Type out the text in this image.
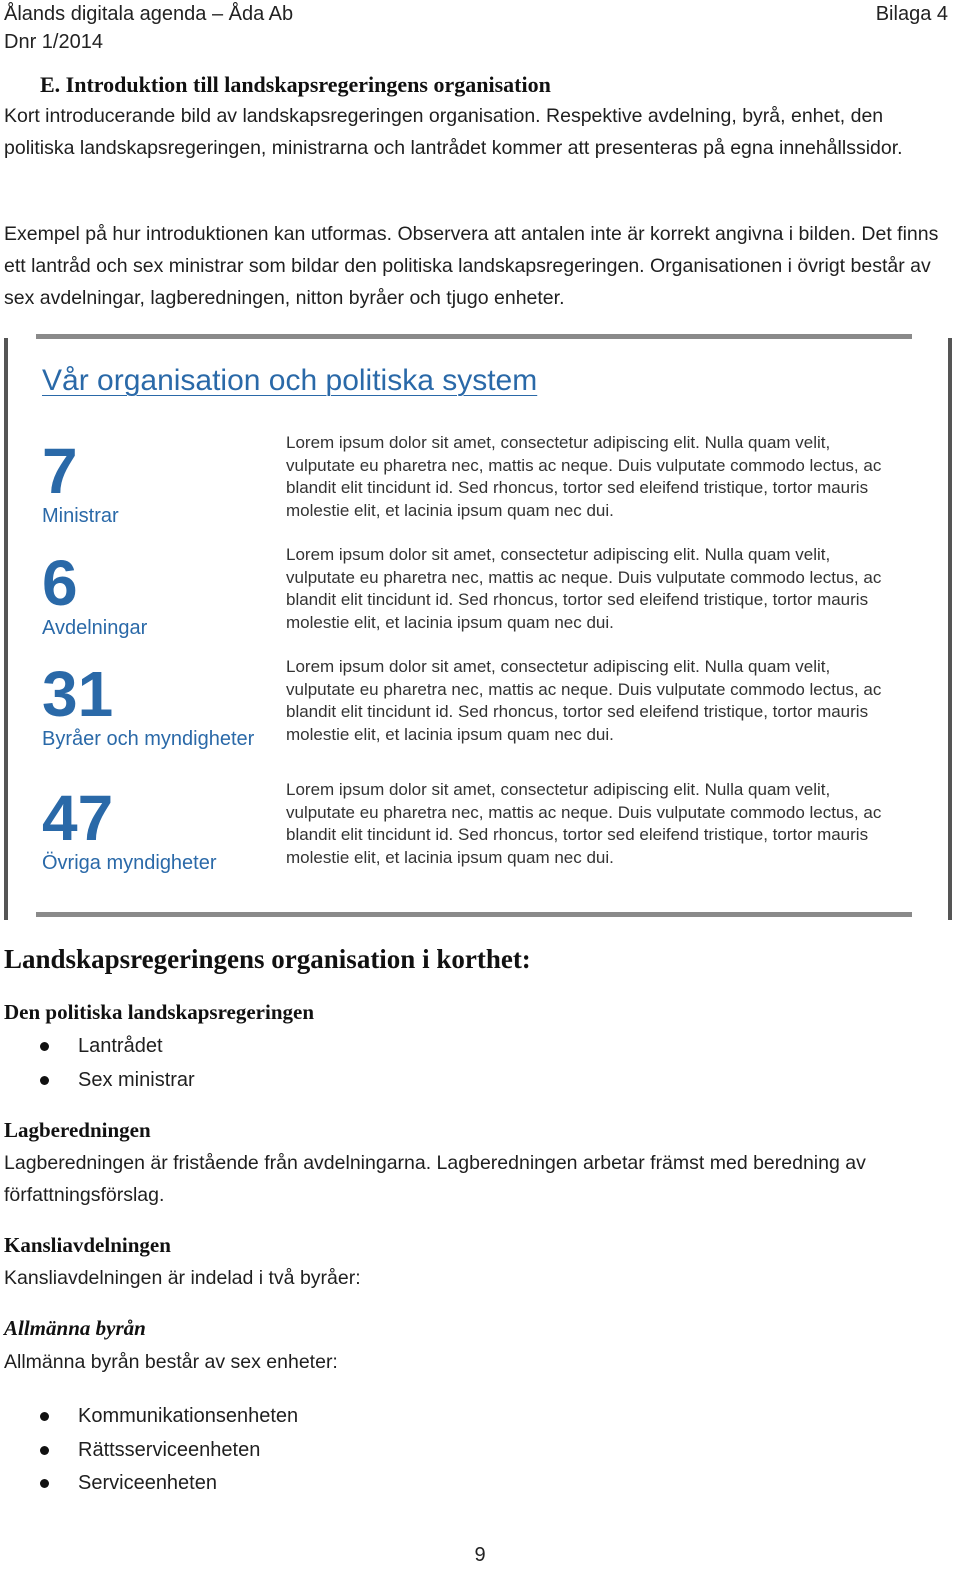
Ålands digitala agenda – Åda Ab
Dnr 1/2014
Bilaga 4
E. Introduktion till landskapsregeringens organisation
Kort introducerande bild av landskapsregeringen organisation. Respektive avdelning, byrå, enhet, den politiska landskapsregeringen, ministrarna och lantrådet kommer att presenteras på egna innehållssidor.
Exempel på hur introduktionen kan utformas. Observera att antalen inte är korrekt angivna i bilden. Det finns ett lantråd och sex ministrar som bildar den politiska landskapsregeringen. Organisationen i övrigt består av sex avdelningar, lagberedningen, nitton byråer och tjugo enheter.
Vår organisation och politiska system
7
Ministrar
6
Avdelningar
31
Byråer och myndigheter
47
Övriga myndigheter
Lorem ipsum dolor sit amet, consectetur adipiscing elit. Nulla quam velit, vulputate eu pharetra nec, mattis ac neque. Duis vulputate commodo lectus, ac blandit elit tincidunt id. Sed rhoncus, tortor sed eleifend tristique, tortor mauris molestie elit, et lacinia ipsum quam nec dui.
Lorem ipsum dolor sit amet, consectetur adipiscing elit. Nulla quam velit, vulputate eu pharetra nec, mattis ac neque. Duis vulputate commodo lectus, ac blandit elit tincidunt id. Sed rhoncus, tortor sed eleifend tristique, tortor mauris molestie elit, et lacinia ipsum quam nec dui.
Lorem ipsum dolor sit amet, consectetur adipiscing elit. Nulla quam velit, vulputate eu pharetra nec, mattis ac neque. Duis vulputate commodo lectus, ac blandit elit tincidunt id. Sed rhoncus, tortor sed eleifend tristique, tortor mauris molestie elit, et lacinia ipsum quam nec dui.
Lorem ipsum dolor sit amet, consectetur adipiscing elit. Nulla quam velit, vulputate eu pharetra nec, mattis ac neque. Duis vulputate commodo lectus, ac blandit elit tincidunt id. Sed rhoncus, tortor sed eleifend tristique, tortor mauris molestie elit, et lacinia ipsum quam nec dui.
Landskapsregeringens organisation i korthet:
Den politiska landskapsregeringen
Lantrådet
Sex ministrar
Lagberedningen
Lagberedningen är fristående från avdelningarna. Lagberedningen arbetar främst med beredning av författningsförslag.
Kansliavdelningen
Kansliavdelningen är indelad i två byråer:
Allmänna byrån
Allmänna byrån består av sex enheter:
Kommunikationsenheten
Rättsserviceenheten
Serviceenheten
9
